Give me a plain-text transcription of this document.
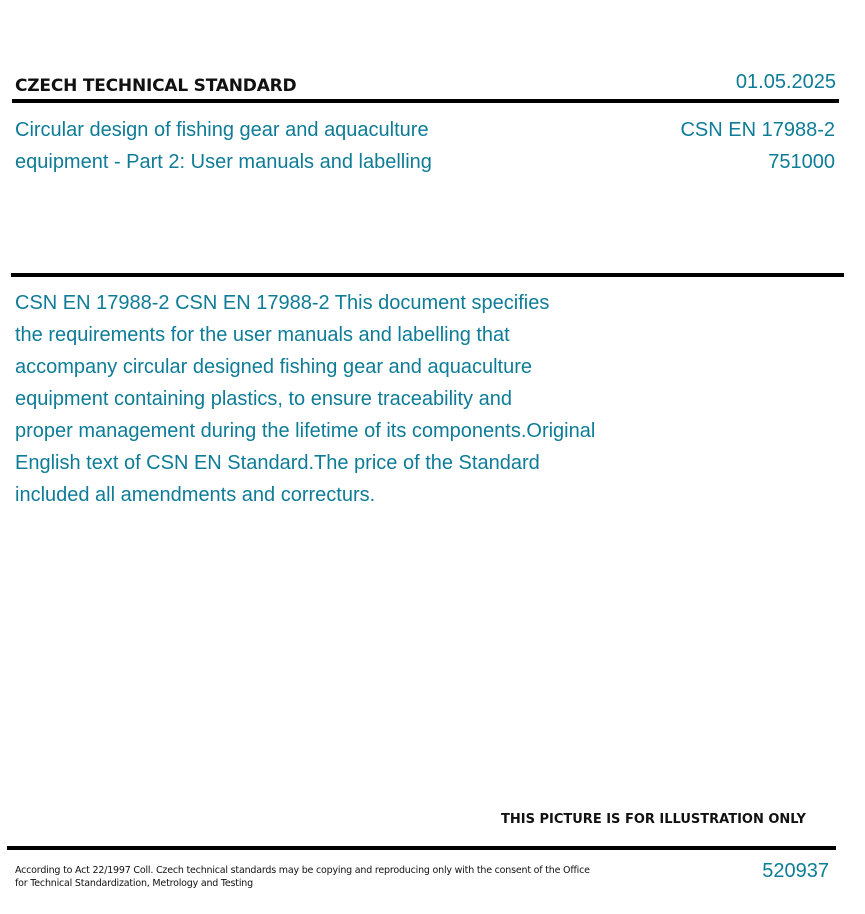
CZECH TECHNICAL STANDARD	01.05.2025
Circular design of fishing gear and aquaculture
equipment - Part 2: User manuals and labelling
CSN EN 17988-2
751000
CSN EN 17988-2 CSN EN 17988-2 This document specifies
the requirements for the user manuals and labelling that
accompany circular designed fishing gear and aquaculture
equipment containing plastics, to ensure traceability and
proper management during the lifetime of its components.Original
English text of CSN EN Standard.The price of the Standard
included all amendments and correcturs.
THIS PICTURE IS FOR ILLUSTRATION ONLY
According to Act 22/1997 Coll. Czech technical standards may be copying and reproducing only with the consent of the Office
for Technical Standardization, Metrology and Testing
520937
